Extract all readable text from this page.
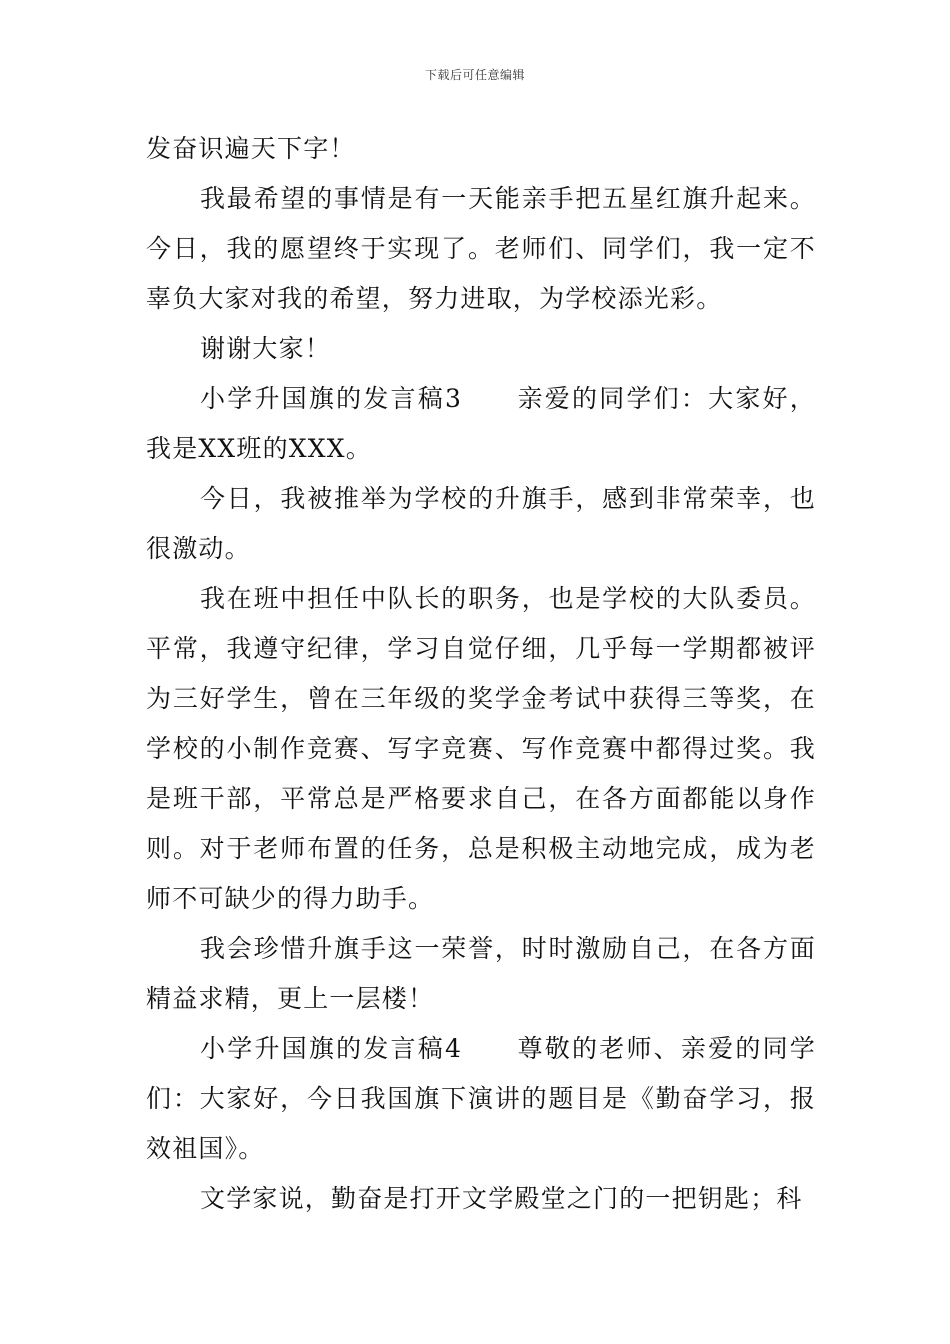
下载后可任意编辑

发奋识遍天下字！

我最希望的事情是有一天能亲手把五星红旗升起来。今日，我的愿望终于实现了。老师们、同学们，我一定不辜负大家对我的希望，努力进取，为学校添光彩。

谢谢大家！

小学升国旗的发言稿3　　亲爱的同学们：大家好，我是XX班的XXX。

今日，我被推举为学校的升旗手，感到非常荣幸，也很激动。

我在班中担任中队长的职务，也是学校的大队委员。平常，我遵守纪律，学习自觉仔细，几乎每一学期都被评为三好学生，曾在三年级的奖学金考试中获得三等奖，在学校的小制作竞赛、写字竞赛、写作竞赛中都得过奖。我是班干部，平常总是严格要求自己，在各方面都能以身作则。对于老师布置的任务，总是积极主动地完成，成为老师不可缺少的得力助手。

我会珍惜升旗手这一荣誉，时时激励自己，在各方面精益求精，更上一层楼！

小学升国旗的发言稿4　　尊敬的老师、亲爱的同学们：大家好，今日我国旗下演讲的题目是《勤奋学习，报效祖国》。

文学家说，勤奋是打开文学殿堂之门的一把钥匙；科
